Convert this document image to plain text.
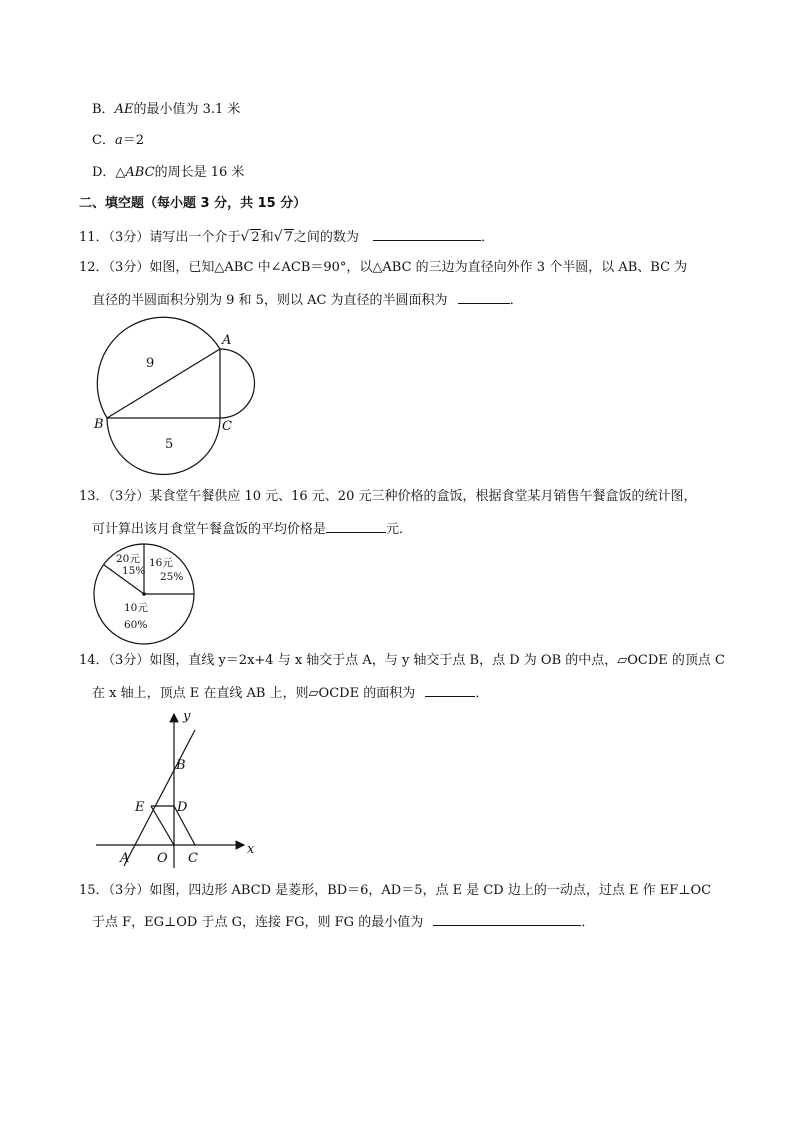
B．AE的最小值为 3.1 米
C．a＝2
D．△ABC的周长是 16 米
二、填空题（每小题 3 分，共 15 分）
11．（3分）请写出一个介于 √ 2和 √ 7之间的数为	．
12．（3分）如图，已知△ABC 中∠ACB＝90°，以△ABC 的三边为直径向外作 3 个半圆，以 AB、BC 为
直径的半圆面积分别为 9 和 5，则以 AC 为直径的半圆面积为	．
9
5
A
B	C
13．（3分）某食堂午餐供应 10 元、16 元、20 元三种价格的盒饭，根据食堂某月销售午餐盒饭的统计图，
可计算出该月食堂午餐盒饭的平均价格是	元．
20元
15%
16元
25%
10元
60%
14．（3分）如图，直线 y＝2x+4 与 x 轴交于点 A，与 y 轴交于点 B，点 D 为 OB 的中点，▱OCDE 的顶点 C
在 x 轴上，顶点 E 在直线 AB 上，则▱OCDE 的面积为	．
y
x
B
E	D
A O C
15．（3分）如图，四边形 ABCD 是菱形，BD＝6，AD＝5，点 E 是 CD 边上的一动点，过点 E 作 EF⊥OC
于点 F，EG⊥OD 于点 G，连接 FG，则 FG 的最小值为	．
